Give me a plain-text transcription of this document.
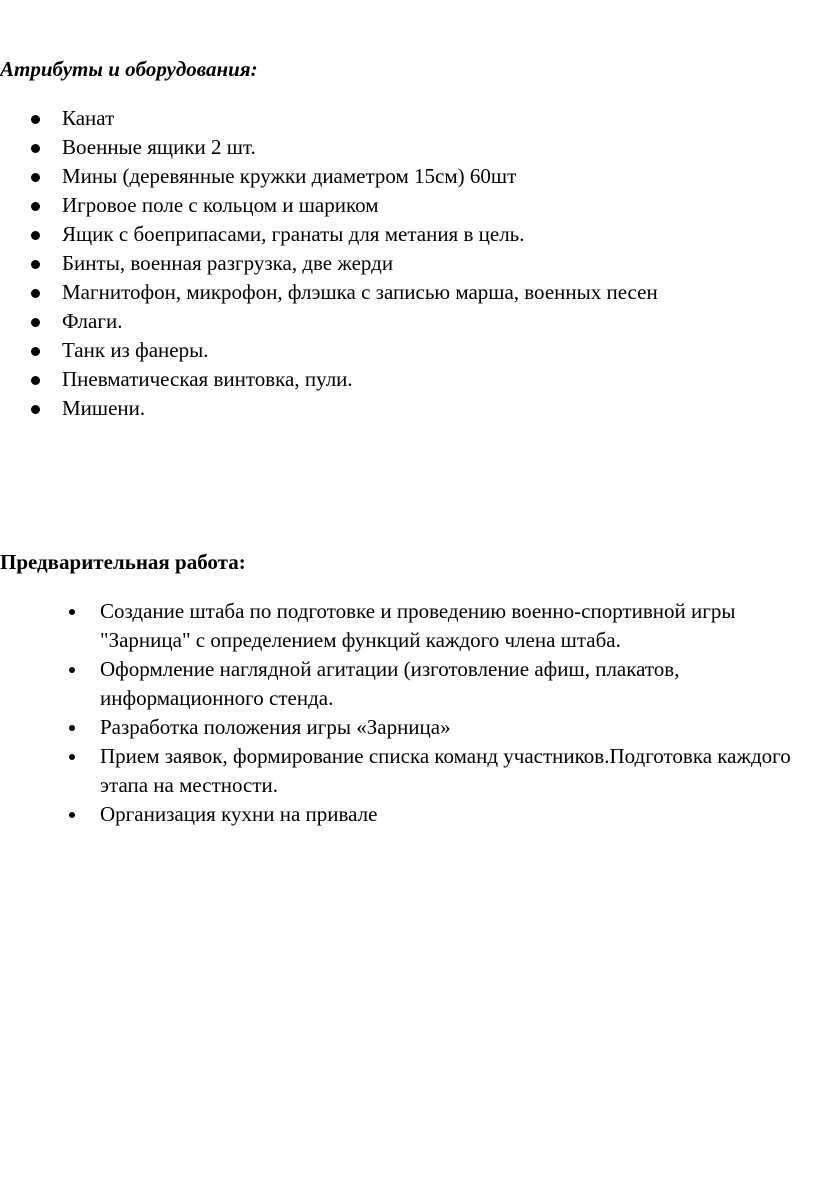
Атрибуты и оборудования:
Канат
Военные ящики 2 шт.
Мины (деревянные кружки диаметром 15см) 60шт
Игровое поле с кольцом и шариком
Ящик с боеприпасами, гранаты для метания в цель.
Бинты, военная разгрузка, две жерди
Магнитофон, микрофон, флэшка с записью марша, военных песен
Флаги.
Танк из фанеры.
Пневматическая винтовка, пули.
Мишени.
Предварительная работа:
Создание штаба по подготовке и проведению военно-спортивной игры "Зарница" с определением функций каждого члена штаба.
Оформление наглядной агитации (изготовление афиш, плакатов, информационного стенда.
Разработка положения игры «Зарница»
Прием заявок, формирование списка команд участников.Подготовка каждого этапа на местности.
Организация кухни на привале
